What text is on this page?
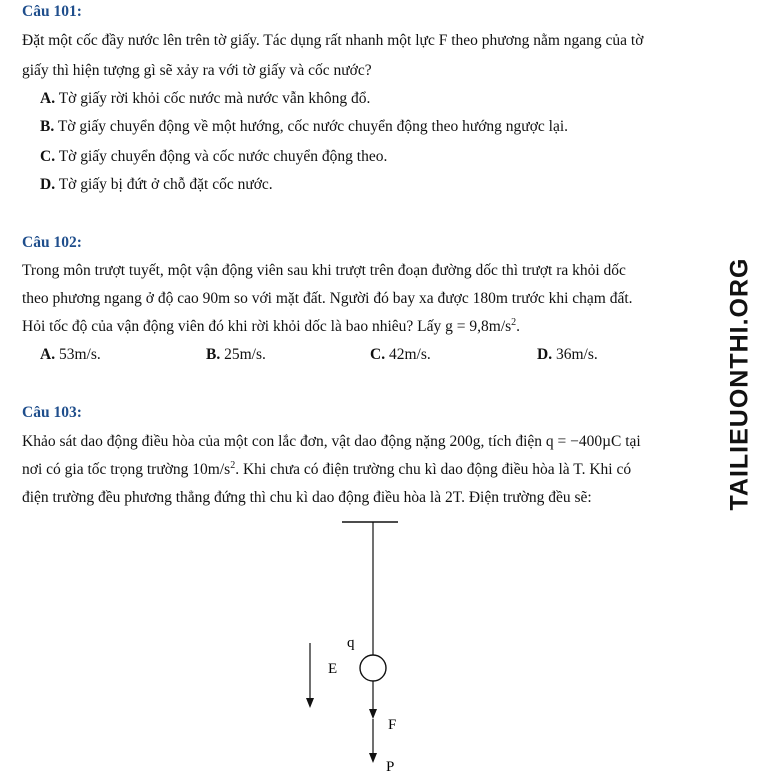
Câu 101:
Đặt một cốc đầy nước lên trên tờ giấy. Tác dụng rất nhanh một lực F theo phương nằm ngang của tờ
giấy thì hiện tượng gì sẽ xảy ra với tờ giấy và cốc nước?
A. Tờ giấy rời khỏi cốc nước mà nước vẫn không đổ.
B. Tờ giấy chuyển động về một hướng, cốc nước chuyển động theo hướng ngược lại.
C. Tờ giấy chuyển động và cốc nước chuyển động theo.
D. Tờ giấy bị đứt ở chỗ đặt cốc nước.
Câu 102:
Trong môn trượt tuyết, một vận động viên sau khi trượt trên đoạn đường dốc thì trượt ra khỏi dốc
theo phương ngang ở độ cao 90m so với mặt đất. Người đó bay xa được 180m trước khi chạm đất.
Hỏi tốc độ của vận động viên đó khi rời khỏi dốc là bao nhiêu? Lấy $g = 9,8m/s^2$.
A. 53m/s.	B. 25m/s.	C. 42m/s.	D. 36m/s.
Câu 103:
Khảo sát dao động điều hòa của một con lắc đơn, vật dao động nặng 200g, tích điện q = −400µC tại
nơi có gia tốc trọng trường $10m/s^2$. Khi chưa có điện trường chu kì dao động điều hòa là T. Khi có
điện trường đều phương thẳng đứng thì chu kì dao động điều hòa là 2T. Điện trường đều sẽ:
q
E
F
P
TAILIEUONTHI.ORG
